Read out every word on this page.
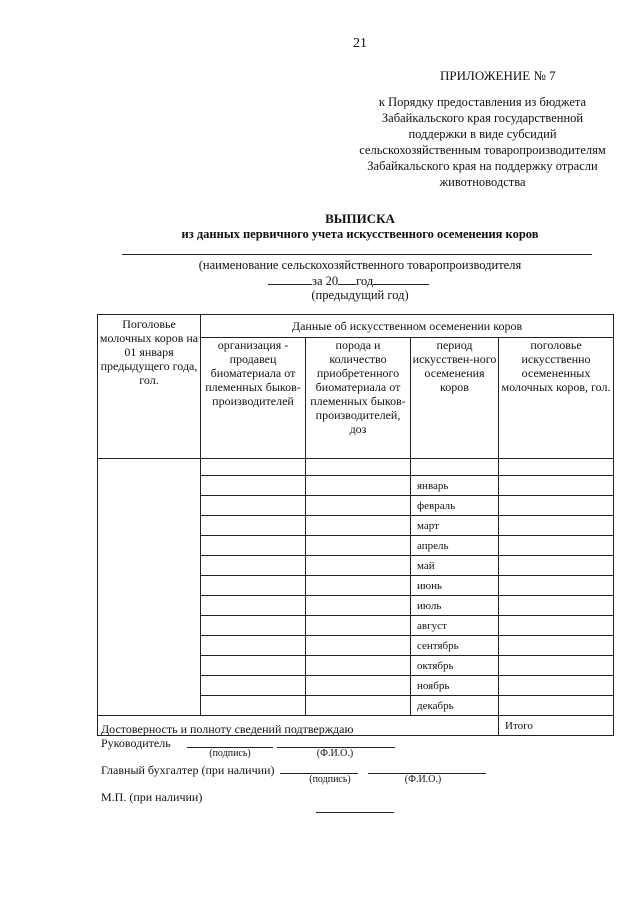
21
ПРИЛОЖЕНИЕ № 7
к Порядку предоставления из бюджета
Забайкальского края государственной
поддержки в виде субсидий
сельскохозяйственным товаропроизводителям
Забайкальского края на поддержку отрасли
животноводства
ВЫПИСКА
из данных первичного учета искусственного осеменения коров
(наименование сельскохозяйственного товаропроизводителя
за 20 год
(предыдущий год)
Поголовье молочных коров на 01 января предыдущего года, гол.	Данные об искусственном осеменении коров			
	организация - продавец биоматериала от племенных быков-производителей	порода и количество приобретенного биоматериала от племенных быков-производителей, доз	период искусствен-ного осеменения коров	поголовье искусственно осемененных молочных коров, гол.

			январь	
			февраль	
			март	
			апрель	
			май	
			июнь	
			июль	
			август	
			сентябрь	
			октябрь	
			ноябрь	
			декабрь	
				Итого
Достоверность и полноту сведений подтверждаю
Руководитель
(подпись)	(Ф.И.О.)
Главный бухгалтер (при наличии)
(подпись)	(Ф.И.О.)
М.П. (при наличии)
